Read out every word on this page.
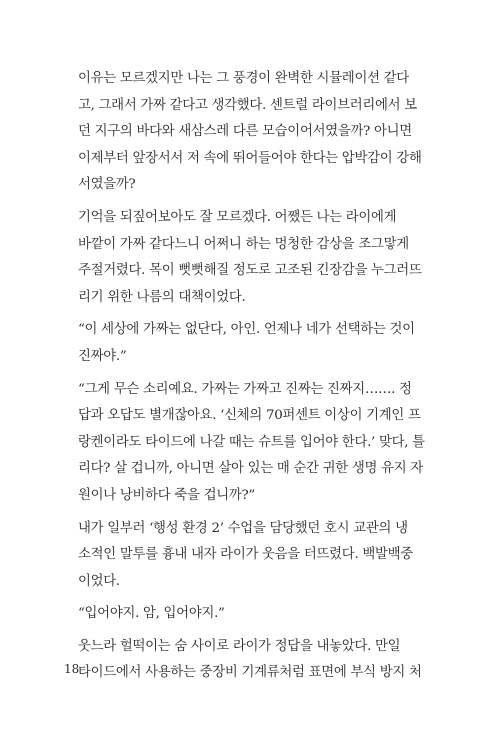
이유는 모르겠지만 나는 그 풍경이 완벽한 시뮬레이션 같다
고, 그래서 가짜 같다고 생각했다. 센트럴 라이브러리에서 보
던 지구의 바다와 새삼스레 다른 모습이어서였을까? 아니면
이제부터 앞장서서 저 속에 뛰어들어야 한다는 압박감이 강해
서였을까?

기억을 되짚어보아도 잘 모르겠다. 어쨌든 나는 라이에게
바깥이 가짜 같다느니 어쩌니 하는 멍청한 감상을 조그맣게
주절거렸다. 목이 뻣뻣해질 정도로 고조된 긴장감을 누그러뜨
리기 위한 나름의 대책이었다.

“이 세상에 가짜는 없단다, 아인. 언제나 네가 선택하는 것이
진짜야.”

“그게 무슨 소리예요. 가짜는 가짜고 진짜는 진짜지……. 정
답과 오답도 별개잖아요. ‘신체의 70퍼센트 이상이 기계인 프
랑켄이라도 타이드에 나갈 때는 슈트를 입어야 한다.’ 맞다, 틀
리다? 살 겁니까, 아니면 살아 있는 매 순간 귀한 생명 유지 자
원이나 낭비하다 죽을 겁니까?”

내가 일부러 ‘행성 환경 2’ 수업을 담당했던 호시 교관의 냉
소적인 말투를 흉내 내자 라이가 웃음을 터뜨렸다. 백발백중
이었다.

“입어야지. 암, 입어야지.”

웃느라 헐떡이는 숨 사이로 라이가 정답을 내놓았다. 만일
타이드에서 사용하는 중장비 기계류처럼 표면에 부식 방지 처

18
